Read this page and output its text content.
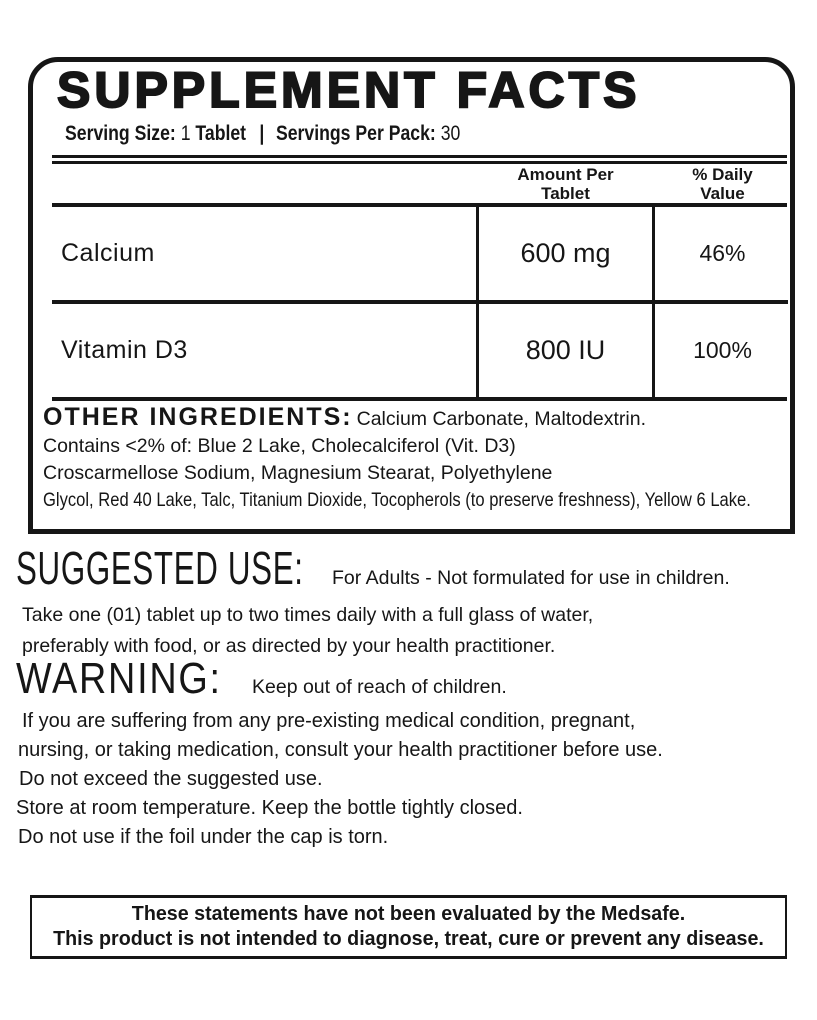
SUPPLEMENT FACTS
Serving Size: 1 Tablet | Servings Per Pack: 30
Amount Per
Tablet
% Daily
Value
Calcium	600 mg	46%
Vitamin D3	800 IU	100%
OTHER INGREDIENTS: Calcium Carbonate, Maltodextrin.
Contains <2% of: Blue 2 Lake, Cholecalciferol (Vit. D3)
Croscarmellose Sodium, Magnesium Stearat, Polyethylene
Glycol, Red 40 Lake, Talc, Titanium Dioxide, Tocopherols (to preserve freshness), Yellow 6 Lake.
SUGGESTED USE:	For Adults - Not formulated for use in children.
Take one (01) tablet up to two times daily with a full glass of water,
preferably with food, or as directed by your health practitioner.
WARNING:	Keep out of reach of children.
If you are suffering from any pre-existing medical condition, pregnant,
nursing, or taking medication, consult your health practitioner before use.
Do not exceed the suggested use.
Store at room temperature. Keep the bottle tightly closed.
Do not use if the foil under the cap is torn.
These statements have not been evaluated by the Medsafe.
This product is not intended to diagnose, treat, cure or prevent any disease.
